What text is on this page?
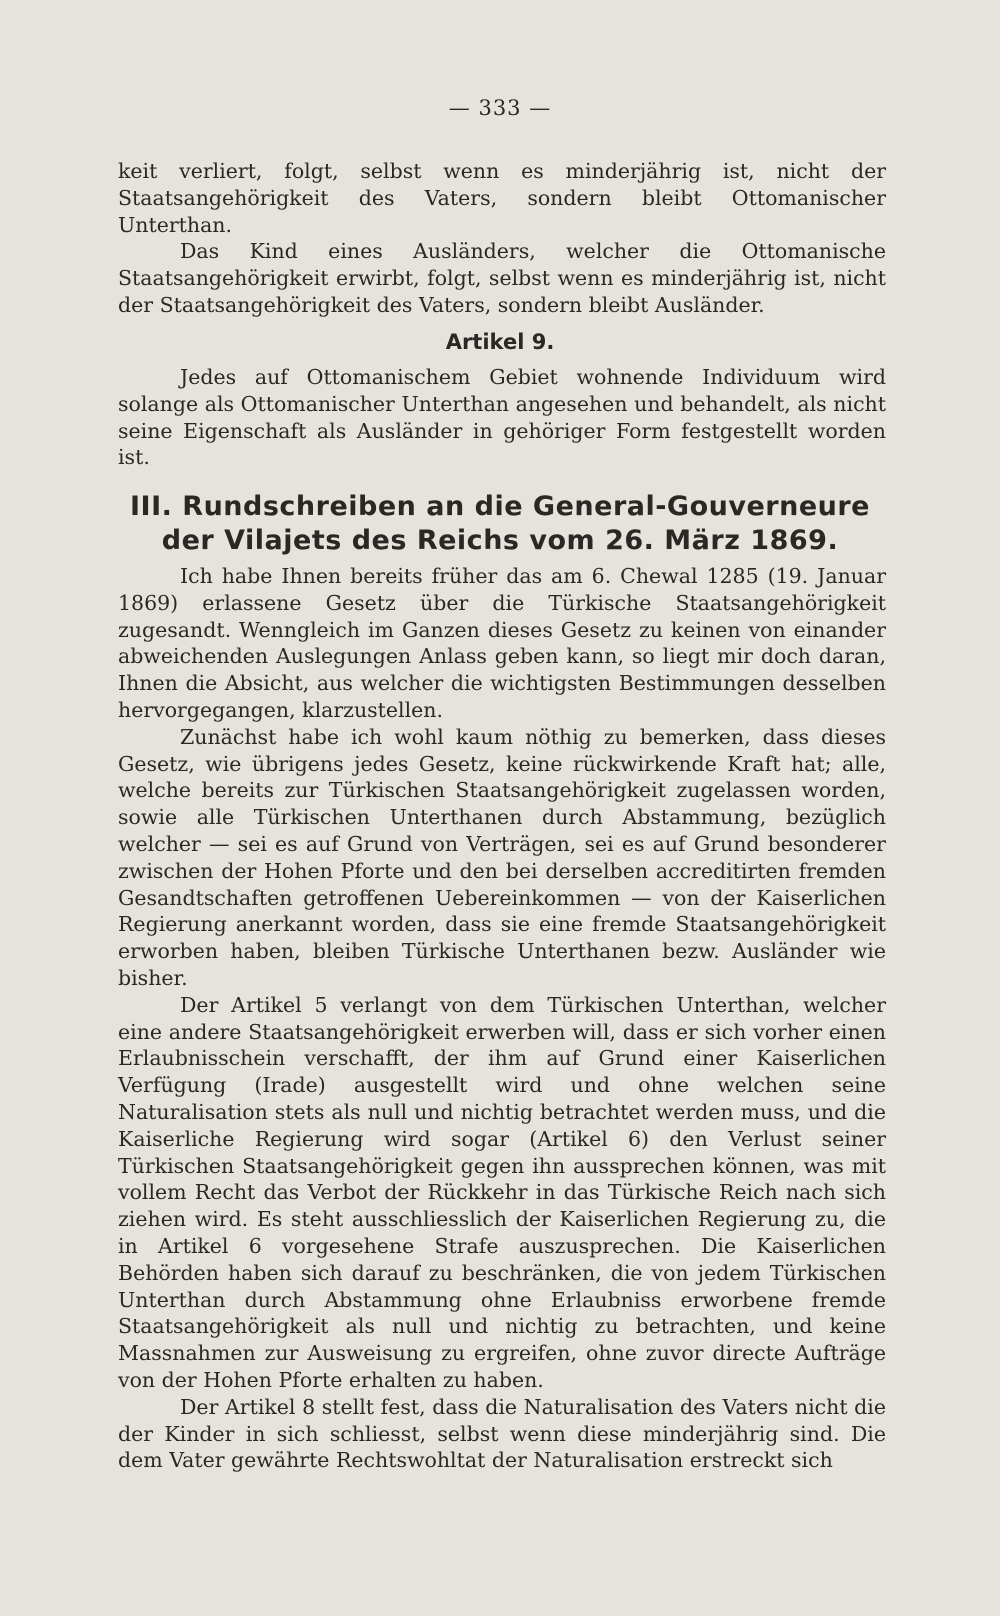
— 333 —

keit verliert, folgt, selbst wenn es minderjährig ist, nicht der Staatsangehörigkeit des Vaters, sondern bleibt Ottomanischer Unterthan.

Das Kind eines Ausländers, welcher die Ottomanische Staatsangehörigkeit erwirbt, folgt, selbst wenn es minderjährig ist, nicht der Staatsangehörigkeit des Vaters, sondern bleibt Ausländer.

Artikel 9.

Jedes auf Ottomanischem Gebiet wohnende Individuum wird solange als Ottomanischer Unterthan angesehen und behandelt, als nicht seine Eigenschaft als Ausländer in gehöriger Form festgestellt worden ist.

III. Rundschreiben an die General-Gouverneure der Vilajets des Reichs vom 26. März 1869.

Ich habe Ihnen bereits früher das am 6. Chewal 1285 (19. Januar 1869) erlassene Gesetz über die Türkische Staatsangehörigkeit zugesandt. Wenngleich im Ganzen dieses Gesetz zu keinen von einander abweichenden Auslegungen Anlass geben kann, so liegt mir doch daran, Ihnen die Absicht, aus welcher die wichtigsten Bestimmungen desselben hervorgegangen, klarzustellen.

Zunächst habe ich wohl kaum nöthig zu bemerken, dass dieses Gesetz, wie übrigens jedes Gesetz, keine rückwirkende Kraft hat; alle, welche bereits zur Türkischen Staatsangehörigkeit zugelassen worden, sowie alle Türkischen Unterthanen durch Abstammung, bezüglich welcher — sei es auf Grund von Verträgen, sei es auf Grund besonderer zwischen der Hohen Pforte und den bei derselben accreditirten fremden Gesandtschaften getroffenen Uebereinkommen — von der Kaiserlichen Regierung anerkannt worden, dass sie eine fremde Staatsangehörigkeit erworben haben, bleiben Türkische Unterthanen bezw. Ausländer wie bisher.

Der Artikel 5 verlangt von dem Türkischen Unterthan, welcher eine andere Staatsangehörigkeit erwerben will, dass er sich vorher einen Erlaubnisschein verschafft, der ihm auf Grund einer Kaiserlichen Verfügung (Irade) ausgestellt wird und ohne welchen seine Naturalisation stets als null und nichtig betrachtet werden muss, und die Kaiserliche Regierung wird sogar (Artikel 6) den Verlust seiner Türkischen Staatsangehörigkeit gegen ihn aussprechen können, was mit vollem Recht das Verbot der Rückkehr in das Türkische Reich nach sich ziehen wird. Es steht ausschliesslich der Kaiserlichen Regierung zu, die in Artikel 6 vorgesehene Strafe auszusprechen. Die Kaiserlichen Behörden haben sich darauf zu beschränken, die von jedem Türkischen Unterthan durch Abstammung ohne Erlaubniss erworbene fremde Staatsangehörigkeit als null und nichtig zu betrachten, und keine Massnahmen zur Ausweisung zu ergreifen, ohne zuvor directe Aufträge von der Hohen Pforte erhalten zu haben.

Der Artikel 8 stellt fest, dass die Naturalisation des Vaters nicht die der Kinder in sich schliesst, selbst wenn diese minderjährig sind. Die dem Vater gewährte Rechtswohltat der Naturalisation erstreckt sich
